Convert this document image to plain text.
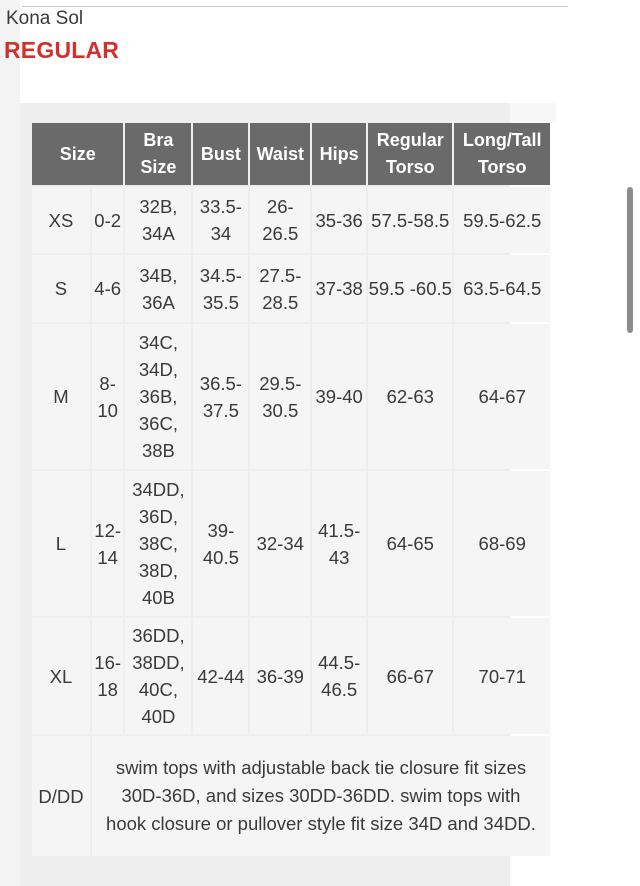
Kona Sol
REGULAR
Size		Bra Size	Bust	Waist	Hips	Regular Torso	Long/Tall Torso
XS	0-2	32B, 34A	33.5-34	26-26.5	35-36	57.5-58.5	59.5-62.5
S	4-6	34B, 36A	34.5-35.5	27.5-28.5	37-38	59.5 -60.5	63.5-64.5
M	8-10	34C, 34D, 36B, 36C, 38B	36.5-37.5	29.5-30.5	39-40	62-63	64-67
L	12-14	34DD, 36D, 38C, 38D, 40B	39-40.5	32-34	41.5-43	64-65	68-69
XL	16-18	36DD, 38DD, 40C, 40D	42-44	36-39	44.5-46.5	66-67	70-71
D/DD	swim tops with adjustable back tie closure fit sizes 30D-36D, and sizes 30DD-36DD. swim tops with hook closure or pullover style fit size 34D and 34DD.						
